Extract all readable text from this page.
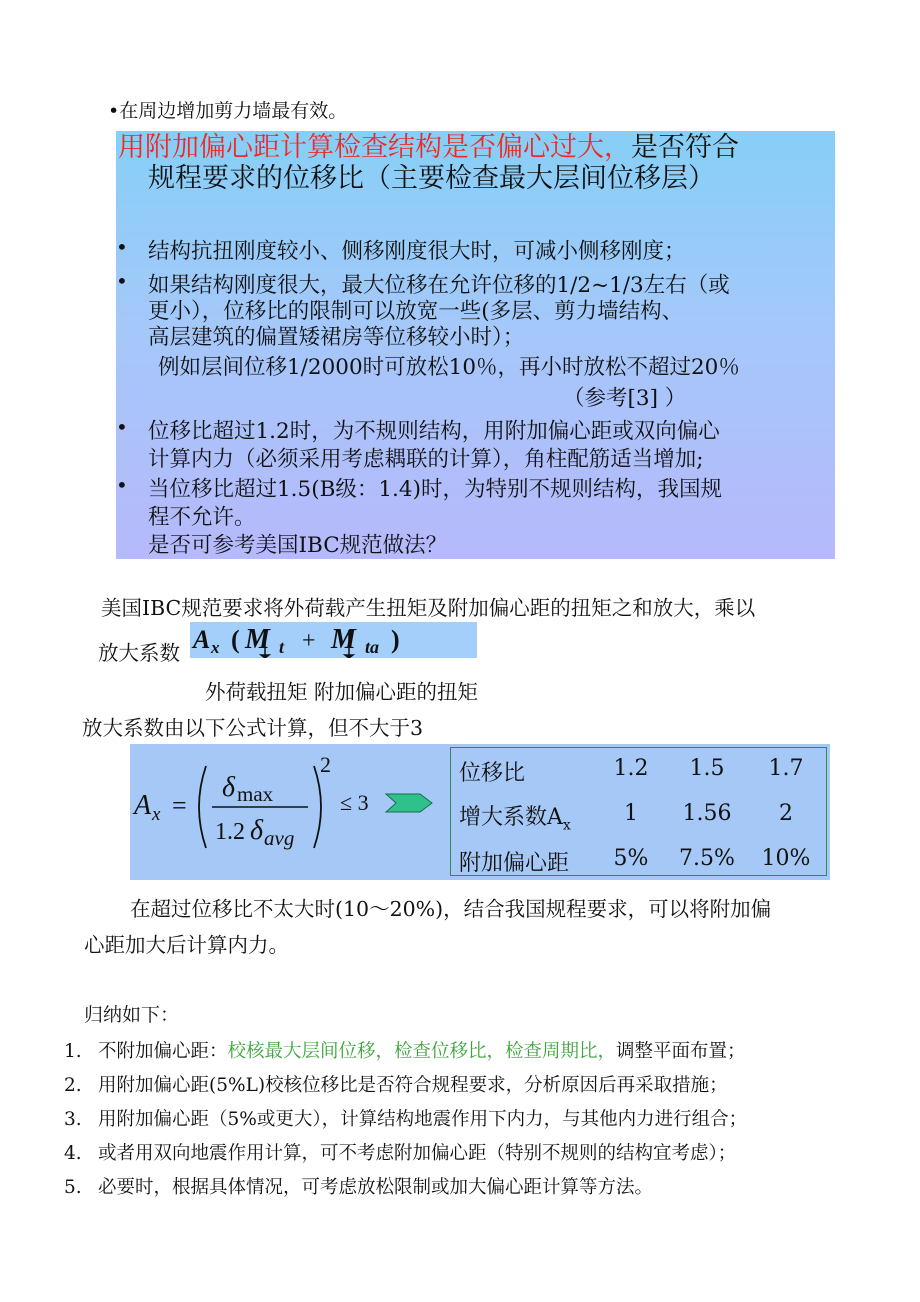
•在周边增加剪力墙最有效。
用附加偏心距计算检查结构是否偏心过大，是否符合
规程要求的位移比（主要检查最大层间位移层）
• 结构抗扭刚度较小、侧移刚度很大时，可减小侧移刚度；
• 如果结构刚度很大，最大位移在允许位移的1/2~1/3左右（或
更小），位移比的限制可以放宽一些(多层、剪力墙结构、
高层建筑的偏置矮裙房等位移较小时）；
例如层间位移1/2000时可放松10％，再小时放松不超过20％
（参考[3] ）
• 位移比超过1.2时，为不规则结构，用附加偏心距或双向偏心
计算内力（必须采用考虑耦联的计算），角柱配筋适当增加;
• 当位移比超过1.5(B级：1.4)时，为特别不规则结构，我国规
程不允许。
是否可参考美国IBC规范做法？
美国IBC规范要求将外荷载产生扭矩及附加偏心距的扭矩之和放大，乘以
放大系数 A x ( M t + M ta )
外荷载扭矩 附加偏心距的扭矩
放大系数由以下公式计算，但不大于3
A x =
δ max
1.2 δ avg
2
≤ 3
位移比	1.2	1.5	1.7
增大系数$A_x$	1	1.56	2
附加偏心距	5%	7.5% 10%
在超过位移比不太大时(10～20%)，结合我国规程要求，可以将附加偏
心距加大后计算内力。
归纳如下：
1. 不附加偏心距：校核最大层间位移，检查位移比，检查周期比，调整平面布置；
2. 用附加偏心距(5%L)校核位移比是否符合规程要求，分析原因后再采取措施；
3. 用附加偏心距（5%或更大），计算结构地震作用下内力，与其他内力进行组合；
4. 或者用双向地震作用计算，可不考虑附加偏心距（特别不规则的结构宜考虑）；
5. 必要时，根据具体情况，可考虑放松限制或加大偏心距计算等方法。
